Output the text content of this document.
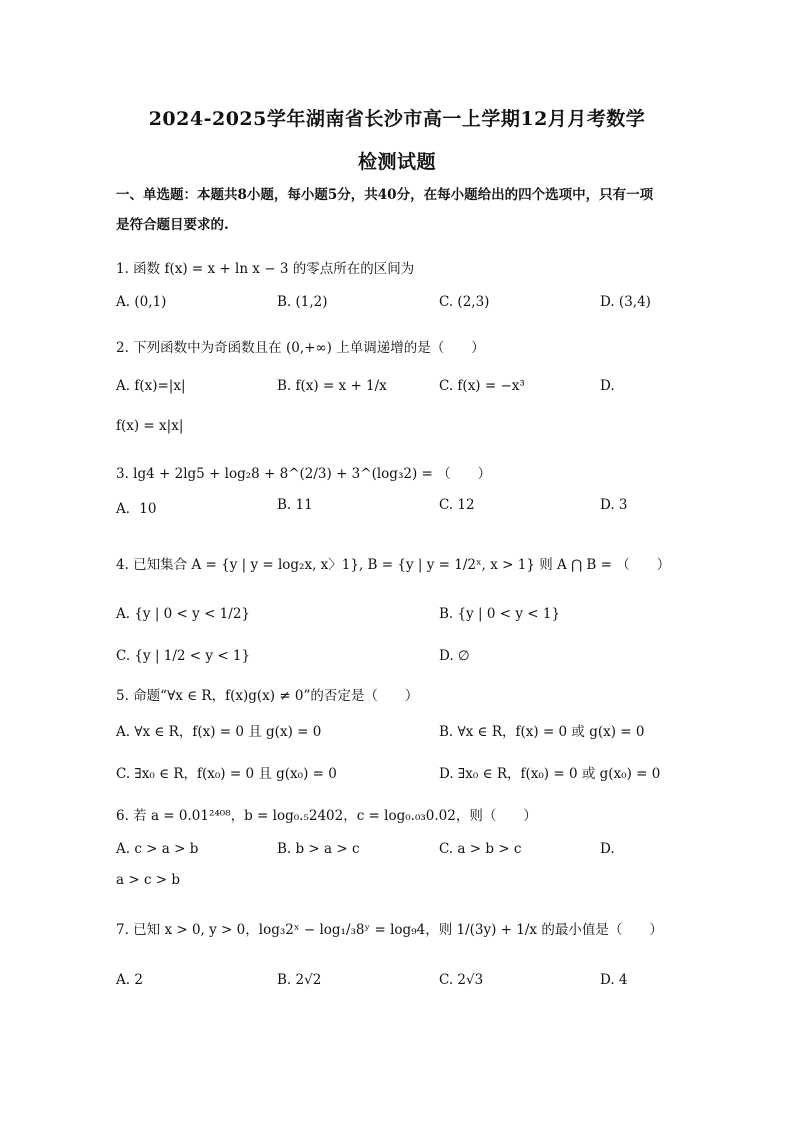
2024-2025学年湖南省长沙市高一上学期12月月考数学
检测试题
一、单选题：本题共8小题，每小题5分，共40分，在每小题给出的四个选项中，只有一项
是符合题目要求的.
1. 函数 f(x) = x + ln x − 3 的零点所在的区间为
A. (0,1)	B. (1,2)	C. (2,3)	D. (3,4)
2. 下列函数中为奇函数且在 (0,+∞) 上单调递增的是（　　）
A. f(x)=|x|	B. f(x) = x + 1/x	C. f(x) = −x³	D.
f(x) = x|x|
3. lg4 + 2lg5 + log₂8 + 8^(2/3) + 3^(log₃2) = （　　）
A．10	B. 11	C. 12	D. 3
4. 已知集合 A = {y | y = log₂x, x〉1}, B = {y | y = 1/2ˣ, x > 1} 则 A ⋂ B = （　　）
A. {y | 0 < y < 1/2}	B. {y | 0 < y < 1}
C. {y | 1/2 < y < 1}	D. ∅
5. 命题“∀x ∈ R，f(x)g(x) ≠ 0”的否定是（　　）
A. ∀x ∈ R，f(x) = 0 且 g(x) = 0	B. ∀x ∈ R，f(x) = 0 或 g(x) = 0
C. ∃x₀ ∈ R，f(x₀) = 0 且 g(x₀) = 0	D. ∃x₀ ∈ R，f(x₀) = 0 或 g(x₀) = 0
6. 若 a = 0.01²⁴⁰⁸，b = log₀.₅2402，c = log₀.₀₃0.02，则（　　）
A. c > a > b	B. b > a > c	C. a > b > c	D.
a > c > b
7. 已知 x > 0, y > 0，log₃2ˣ − log₁/₃8ʸ = log₉4，则 1/(3y) + 1/x 的最小值是（　　）
A. 2	B. 2√2	C. 2√3	D. 4
